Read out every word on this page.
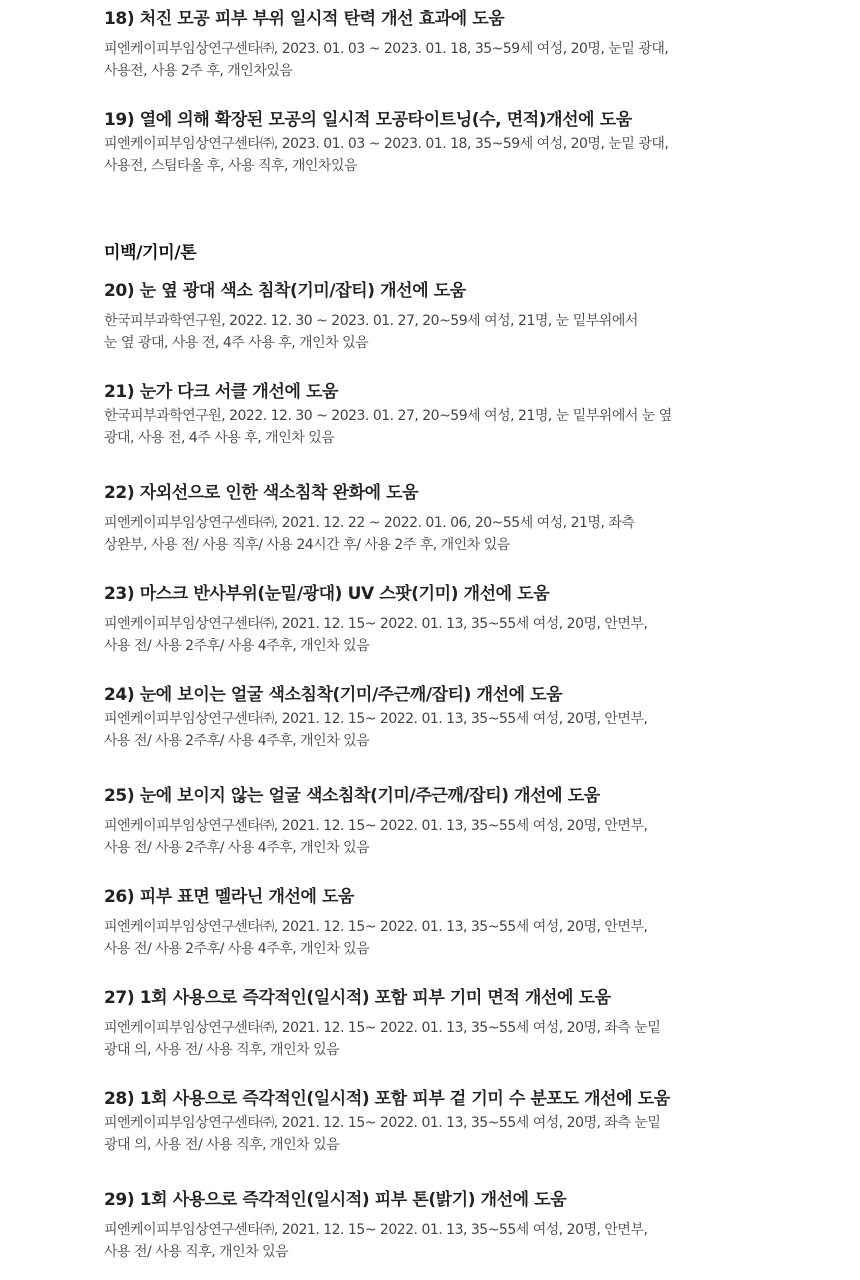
18) 처진 모공 피부 부위 일시적 탄력 개선 효과에 도움
피엔케이피부임상연구센타㈜, 2023. 01. 03 ~ 2023. 01. 18, 35~59세 여성, 20명, 눈밑 광대,
사용전, 사용 2주 후, 개인차있음
19) 열에 의해 확장된 모공의 일시적 모공타이트닝(수, 면적)개선에 도움
피엔케이피부임상연구센타㈜, 2023. 01. 03 ~ 2023. 01. 18, 35~59세 여성, 20명, 눈밑 광대,
사용전, 스팀타올 후, 사용 직후, 개인차있음
미백/기미/톤
20) 눈 옆 광대 색소 침착(기미/잡티) 개선에 도움
한국피부과학연구원, 2022. 12. 30 ~ 2023. 01. 27, 20~59세 여성, 21명, 눈 밑부위에서
눈 옆 광대, 사용 전, 4주 사용 후, 개인차 있음
21) 눈가 다크 서클 개선에 도움
한국피부과학연구원, 2022. 12. 30 ~ 2023. 01. 27, 20~59세 여성, 21명, 눈 밑부위에서 눈 옆
광대, 사용 전, 4주 사용 후, 개인차 있음
22) 자외선으로 인한 색소침착 완화에 도움
피엔케이피부임상연구센타㈜, 2021. 12. 22 ~ 2022. 01. 06, 20~55세 여성, 21명, 좌측
상완부, 사용 전/ 사용 직후/ 사용 24시간 후/ 사용 2주 후, 개인차 있음
23) 마스크 반사부위(눈밑/광대) UV 스팟(기미) 개선에 도움
피엔케이피부임상연구센타㈜, 2021. 12. 15~ 2022. 01. 13, 35~55세 여성, 20명, 안면부,
사용 전/ 사용 2주후/ 사용 4주후, 개인차 있음
24) 눈에 보이는 얼굴 색소침착(기미/주근깨/잡티) 개선에 도움
피엔케이피부임상연구센타㈜, 2021. 12. 15~ 2022. 01. 13, 35~55세 여성, 20명, 안면부,
사용 전/ 사용 2주후/ 사용 4주후, 개인차 있음
25) 눈에 보이지 않는 얼굴 색소침착(기미/주근깨/잡티) 개선에 도움
피엔케이피부임상연구센타㈜, 2021. 12. 15~ 2022. 01. 13, 35~55세 여성, 20명, 안면부,
사용 전/ 사용 2주후/ 사용 4주후, 개인차 있음
26) 피부 표면 멜라닌 개선에 도움
피엔케이피부임상연구센타㈜, 2021. 12. 15~ 2022. 01. 13, 35~55세 여성, 20명, 안면부,
사용 전/ 사용 2주후/ 사용 4주후, 개인차 있음
27) 1회 사용으로 즉각적인(일시적) 포함 피부 기미 면적 개선에 도움
피엔케이피부임상연구센타㈜, 2021. 12. 15~ 2022. 01. 13, 35~55세 여성, 20명, 좌측 눈밑
광대 의, 사용 전/ 사용 직후, 개인차 있음
28) 1회 사용으로 즉각적인(일시적) 포함 피부 겉 기미 수 분포도 개선에 도움
피엔케이피부임상연구센타㈜, 2021. 12. 15~ 2022. 01. 13, 35~55세 여성, 20명, 좌측 눈밑
광대 의, 사용 전/ 사용 직후, 개인차 있음
29) 1회 사용으로 즉각적인(일시적) 피부 톤(밝기) 개선에 도움
피엔케이피부임상연구센타㈜, 2021. 12. 15~ 2022. 01. 13, 35~55세 여성, 20명, 안면부,
사용 전/ 사용 직후, 개인차 있음
